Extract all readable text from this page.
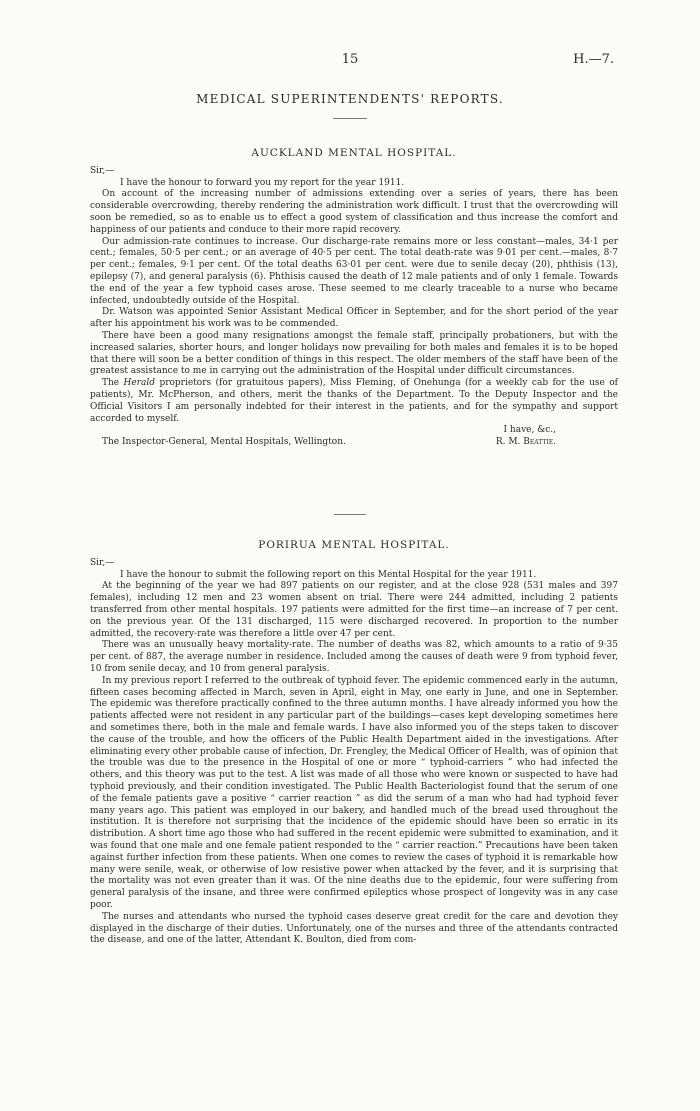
15	H.—7.
MEDICAL SUPERINTENDENTS' REPORTS.
AUCKLAND MENTAL HOSPITAL.
Sir,—

I have the honour to forward you my report for the year 1911.

On account of the increasing number of admissions extending over a series of years, there has been considerable overcrowding, thereby rendering the administration work difficult. I trust that the overcrowding will soon be remedied, so as to enable us to effect a good system of classification and thus increase the comfort and happiness of our patients and conduce to their more rapid recovery.

Our admission-rate continues to increase. Our discharge-rate remains more or less constant—males, 34·1 per cent.; females, 50·5 per cent.; or an average of 40·5 per cent. The total death-rate was 9·01 per cent.—males, 8·7 per cent.; females, 9·1 per cent. Of the total deaths 63·01 per cent. were due to senile decay (20), phthisis (13), epilepsy (7), and general paralysis (6). Phthisis caused the death of 12 male patients and of only 1 female. Towards the end of the year a few typhoid cases arose. These seemed to me clearly traceable to a nurse who became infected, undoubtedly outside of the Hospital.

Dr. Watson was appointed Senior Assistant Medical Officer in September, and for the short period of the year after his appointment his work was to be commended.

There have been a good many resignations amongst the female staff, principally probationers, but with the increased salaries, shorter hours, and longer holidays now prevailing for both males and females it is to be hoped that there will soon be a better condition of things in this respect. The older members of the staff have been of the greatest assistance to me in carrying out the administration of the Hospital under difficult circumstances.

The Herald proprietors (for gratuitous papers), Miss Fleming, of Onehunga (for a weekly cab for the use of patients), Mr. McPherson, and others, merit the thanks of the Department. To the Deputy Inspector and the Official Visitors I am personally indebted for their interest in the patients, and for the sympathy and support accorded to myself.

I have, &c.,
The Inspector-General, Mental Hospitals, Wellington.	R. M. Beattie.
PORIRUA MENTAL HOSPITAL.
Sir,—

I have the honour to submit the following report on this Mental Hospital for the year 1911.

At the beginning of the year we had 897 patients on our register, and at the close 928 (531 males and 397 females), including 12 men and 23 women absent on trial. There were 244 admitted, including 2 patients transferred from other mental hospitals. 197 patients were admitted for the first time—an increase of 7 per cent. on the previous year. Of the 131 discharged, 115 were discharged recovered. In proportion to the number admitted, the recovery-rate was therefore a little over 47 per cent.

There was an unusually heavy mortality-rate. The number of deaths was 82, which amounts to a ratio of 9·35 per cent. of 887, the average number in residence. Included among the causes of death were 9 from typhoid fever, 10 from senile decay, and 10 from general paralysis.

In my previous report I referred to the outbreak of typhoid fever. The epidemic commenced early in the autumn, fifteen cases becoming affected in March, seven in April, eight in May, one early in June, and one in September. The epidemic was therefore practically confined to the three autumn months. I have already informed you how the patients affected were not resident in any particular part of the buildings—cases kept developing sometimes here and sometimes there, both in the male and female wards. I have also informed you of the steps taken to discover the cause of the trouble, and how the officers of the Public Health Department aided in the investigations. After eliminating every other probable cause of infection, Dr. Frengley, the Medical Officer of Health, was of opinion that the trouble was due to the presence in the Hospital of one or more “ typhoid-carriers ” who had infected the others, and this theory was put to the test. A list was made of all those who were known or suspected to have had typhoid previously, and their condition investigated. The Public Health Bacteriologist found that the serum of one of the female patients gave a positive “ carrier reaction ” as did the serum of a man who had had typhoid fever many years ago. This patient was employed in our bakery, and handled much of the bread used throughout the institution. It is therefore not surprising that the incidence of the epidemic should have been so erratic in its distribution. A short time ago those who had suffered in the recent epidemic were submitted to examination, and it was found that one male and one female patient responded to the “ carrier reaction.” Precautions have been taken against further infection from these patients. When one comes to review the cases of typhoid it is remarkable how many were senile, weak, or otherwise of low resistive power when attacked by the fever, and it is surprising that the mortality was not even greater than it was. Of the nine deaths due to the epidemic, four were suffering from general paralysis of the insane, and three were confirmed epileptics whose prospect of longevity was in any case poor.

The nurses and attendants who nursed the typhoid cases deserve great credit for the care and devotion they displayed in the discharge of their duties. Unfortunately, one of the nurses and three of the attendants contracted the disease, and one of the latter, Attendant K. Boulton, died from com-
